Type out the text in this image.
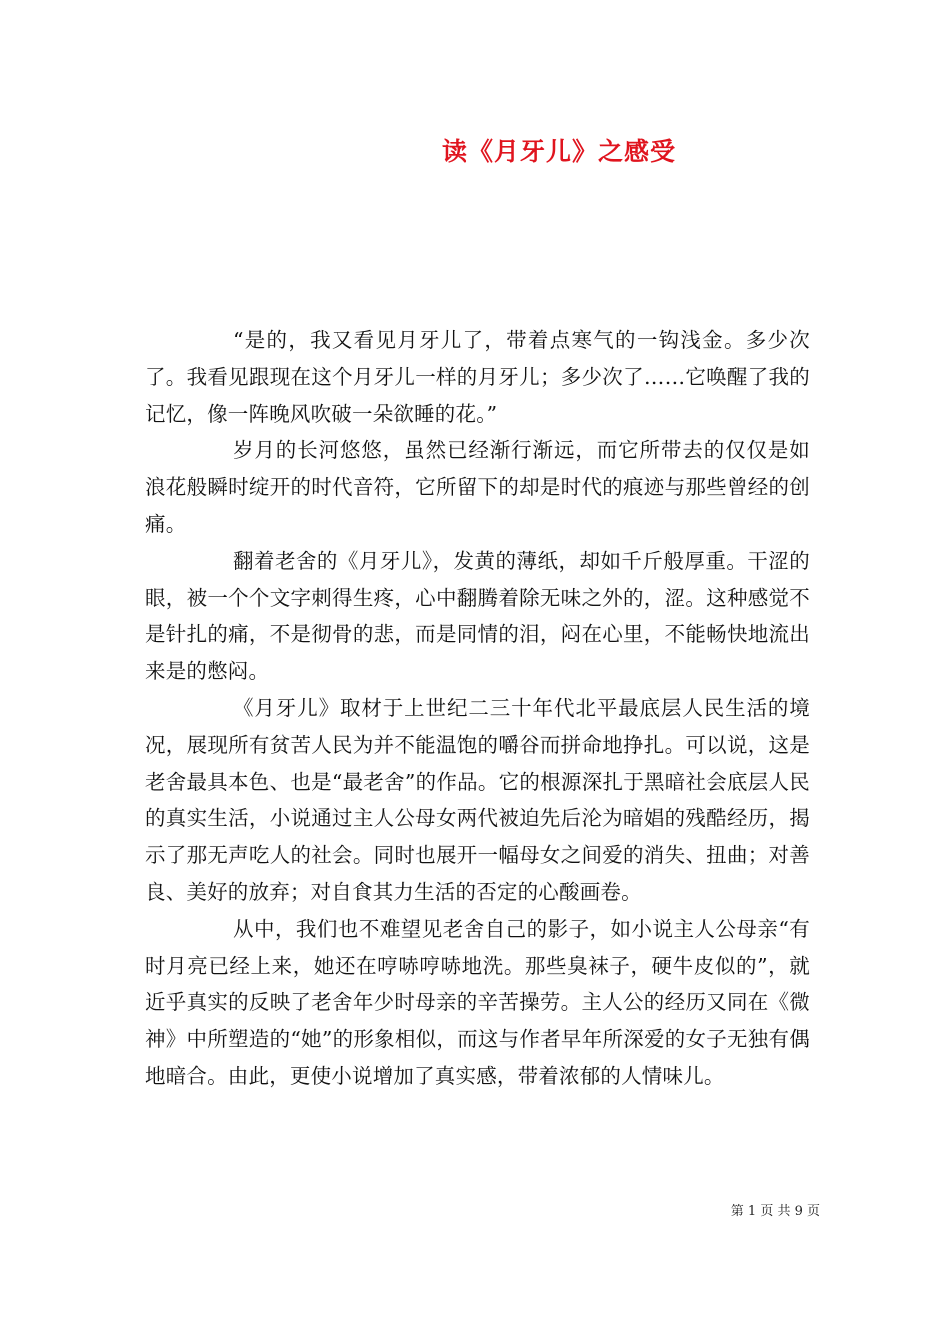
读《月牙儿》之感受

“是的，我又看见月牙儿了，带着点寒气的一钩浅金。多少次了。我看见跟现在这个月牙儿一样的月牙儿；多少次了……它唤醒了我的记忆，像一阵晚风吹破一朵欲睡的花。”

岁月的长河悠悠，虽然已经渐行渐远，而它所带去的仅仅是如浪花般瞬时绽开的时代音符，它所留下的却是时代的痕迹与那些曾经的创痛。

翻着老舍的《月牙儿》，发黄的薄纸，却如千斤般厚重。干涩的眼，被一个个文字刺得生疼，心中翻腾着除无味之外的，涩。这种感觉不是针扎的痛，不是彻骨的悲，而是同情的泪，闷在心里，不能畅快地流出来是的憋闷。

《月牙儿》取材于上世纪二三十年代北平最底层人民生活的境况，展现所有贫苦人民为并不能温饱的嚼谷而拼命地挣扎。可以说，这是老舍最具本色、也是“最老舍”的作品。它的根源深扎于黑暗社会底层人民的真实生活，小说通过主人公母女两代被迫先后沦为暗娼的残酷经历，揭示了那无声吃人的社会。同时也展开一幅母女之间爱的消失、扭曲；对善良、美好的放弃；对自食其力生活的否定的心酸画卷。

从中，我们也不难望见老舍自己的影子，如小说主人公母亲“有时月亮已经上来，她还在哼哧哼哧地洗。那些臭袜子，硬牛皮似的”，就近乎真实的反映了老舍年少时母亲的辛苦操劳。主人公的经历又同在《微神》中所塑造的“她”的形象相似，而这与作者早年所深爱的女子无独有偶地暗合。由此，更使小说增加了真实感，带着浓郁的人情味儿。

第 1 页 共 9 页
